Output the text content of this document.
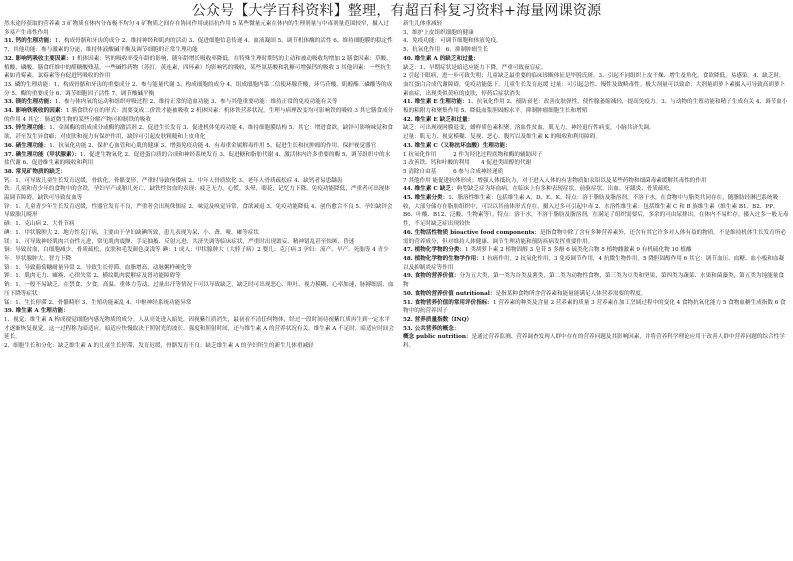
公众号【大学百科资料】整理，有超百科复习资料+海量网课资源

然未途径获取的营养素 3 矿物质在体内分布极不均匀 4 矿物质之间存在协同作用或拮抗作用 5 某些微量元素在体内的生理剂量与中毒剂量范围较窄，摄入过多易产生毒性作用

31. 钙的生理功能：1、构成骨骼和牙齿的成分 2、维持神经和肌肉的活动 3、促进细胞信息传递 4、血液凝固 5、调节机体酶的活性 6、维持细胞膜的稳定性 7、其他功能：参与激素的分泌，维持体液酸碱平衡及调节细胞的正常生理功能

32. 影响钙吸收主要因素：1 机体因素：钙的吸收率受年龄的影响，随年龄增长吸收率降低，在特殊生理时期钙的主动和被动吸收均增加 2 膳食因素：草酸、植酸、磷酸、膳食纤维中的醛糖酸残基，一些碱性药物（苏打，黄连素，四环素）均影响钙的吸收，某些氨基酸和乳糖可增强钙的吸收 3 其他因素：一些抗生素如青霉素、氯霉素等有促进钙吸收的作用

33. 磷的生理功能：1、构成骨骼和牙齿的重要成分 2、参与能量代谢 3、构成细胞的成分 4、组成细胞内第二信使环腺苷酸，环鸟苷酸，肌醇酯三磷酸等的成分 5、酶的重要成分 6、调节细胞因子活性 7、调节酸碱平衡

33. 镁的生理功能：1、参与体内氧的运动和组织呼吸过程 2、维持正常的造血功能 3、参与其他重要功能：维持正常的免疫功能有关等

34. 影响铁吸收的因素：1 膳食铁存在的形式：需要变成二价铁才能被吸收 2 机体因素：机体铁营养状况，生理与病理改变均可影响铁的吸收 3 其它膳食成分的作用 4 其它：肠道微生物的某些分解产物可抑制铁的吸收

35. 锌生理功能：1、金属酶的组成成分或酶的激活剂 2、促进生长发育 3、促进机体免疫功能 4、维持细胞膜结构 5、其它：增进食欲，缺锌可影响味觉和食欲，甚至发生异食癖；对皮肤和视力有保护作用，缺锌可引起皮肤粗糙和上皮角化

36. 硒生理功能：1、抗氧化功能 2、保护心血管和心肌的健康 3、增强免疫功能 4、有毒重金属解毒作用 5、促进生长和抗肿瘤的作用，保护视觉器官

37. 碘生理功能（甲状腺素）：1、促进生物氧化 2、促进蛋白质的合成和神经系统发育 3、促进糖和脂肪代谢 4、激活体内许多重要的酶 5、调节组织中的水盐代谢 6、促进维生素的吸收和利用

38. 常见矿物质的缺乏：

钙：1、可导致儿童生长发育迟缓，骨软化，骨骼变形，严重时导致佝偻病 2、中年人骨质软化 3、老年人骨质疏松症 4、缺钙者易患龋齿

铁：儿童和青少年的食物中的含铁，孕妇早产或胎儿死亡，缺铁性贫血的表现：疲乏无力，心慌，头晕，眼花，记忆力下降，免疫功能降低，严重者可出现体温调节障碍，缺铁可导致贫血等

锌：1、儿童青少年生长发育迟缓，性器官发育不良，严重者会出现侏儒症 2、味觉及嗅觉异常，食欲减退 3、免疫功能降低 4、创伤愈合不良 5、孕妇缺锌会导致胎儿畸形

硒：1、克山病 2、大骨节病

碘：1、甲状腺肿大 2、地方性克汀病，主要由于孕妇缺碘所致，患儿表现为呆、小、聋、哑、瘫等症状

镁：1、可导致神经肌肉兴奋性亢进，常见肌肉震颤、手足抽搐、反射亢进、共济失调等临床症状，严重时出现谵妄、精神错乱甚至惊厥、昏迷

铜：导致贫血，白细胞减少，骨质疏松，皮肤和毛发颜色变浅等 碘：1 成人：甲状腺肿大（大脖子病）2 婴儿：克汀病 3 孕妇：流产、早产、死胎等 4 青少年：甲状腺肿大，智力下降

铬：1、导致葡萄糖耐量异常 2、导致生长停滞，血脂增高，动脉粥样硬化等

钾：1、肌肉无力、瘫痪、心律失常 2、横纹肌肉裂解症及肾功能障碍等

钠：1、一般不易缺乏，在禁食、少食，高温、重体力劳动、过量出汗等情况下可以导致缺乏，缺乏时可出现恶心、呕吐、视力模糊、心率加速、脉搏细弱、血压下降等症状

锰：1、生长停滞 2、骨骼畸形 3、生殖功能紊乱 4、中枢神经系统功能异常

39. 维生素 A 生理功能：

1、视觉：维生素 A 构成视觉细胞内感光物质的成分。人从亮处进入暗处，因视紫红质消失，最初看不清任何物体，经过一段时间待视紫红质再生到一定水平才逐渐恢复视觉，这一过程称为暗适应。暗适应快慢取决于照射光的波长、强度和照射时间，还与维生素 A 的营养状况有关。维生素 A 不足时，暗适应时间会延长。

2、细胞生长和分化：缺乏维生素 A 的儿童生长停滞，发育迟缓，骨骼发育不良；缺乏维生素 A 的孕妇所生的新生儿体重减轻

新生儿体重减轻

3、维护上皮组织细胞的健康

4、免疫功能：可调节细胞和体液免疫。

5、抗氧化作用　6、抑制肿瘤生长

40. 维生素 A 的缺乏和过量：

缺乏：1、早期症状是暗适应能力下降，严重可致夜盲症。

2 引起干眼病，进一步可致失明；儿童缺乏最重要的临床诊断体征是毕脱氏斑。3、引起不同组织上皮干燥、增生及角化，食欲降低，易感染。4、缺乏时，血红蛋白合成代谢障碍，免疫功能低下，儿童生长发育迟缓 过量：可引起急性、慢性及致畸毒性。极大剂量可以致命；大剂量胡萝卜素摄入可导致高胡萝卜素血症，出现类似黄疸的皮肤，停药后症状消失

41. 维生素 E 生理功能：1、抗氧化作用 2、预防衰老：改善皮肤弹性，使性腺萎缩减轻，提高免疫力。3、与动物的生殖功能和精子生成有关 4、调节血小板的粘附力和聚集作用 5、降低血浆胆固醇水平，抑制肿瘤细胞生长和增殖

42. 维生素 E 缺乏和过量：

缺乏：可出现视网膜退变，蜡样质色素积聚，溶血性贫血，肌无力，神经退行性病变，小脑共济失调。

过量：肌无力、视觉模糊、复视、恶心、腹泻以及维生素 K 的吸收和利用障碍。

43. 维生素 C（又称抗坏血酸）生理功能：

1 抗氧化作用　　　2 作为羟化过程底物和酶的辅助因子

3 改善铁、钙和叶酸的利用　　4 促进类固醇的代谢

5 清除自由基　　　6 参与合成神经递质

7 其他作用 能促进抗体形成；增强人体抵抗力，对于进入人体的有害物质如汞铅以及某些药物和细菌毒素缓解其毒性的作用

44. 维生素 C 缺乏：典型缺乏症为坏血病，在临床上有多种表现症状，前驱症状、出血、牙龈炎、骨质疏松。

45. 维生素分类：1、脂溶性维生素：包括维生素 A、D、E、K。特点：溶于脂肪及脂溶剂，不溶于水，在食物中与脂类共同存在，随脂肪经淋巴系统吸收，大部分储存在脂肪组织中，可以以其前体形式存在，摄入过多可引起中毒 2、水溶性维生素：包括维生素 C 和 B 族维生素（维生素 B1、B2、PP、B6、叶酸、B12、泛酸、生物素等）。特点：溶于水，不溶于脂肪及脂溶剂，在满足了组织需要后，多余的可由尿排出，在体内不易贮存，摄入过多一般无毒性，不足时缺乏症出现较快

46. 生物活性物质 bioactive food components：是指食物中除了含有多种营养素外，还含有其它许多对人体有益的物质。不是维持机体生长发育所必需的营养成分，但对维持人体健康、调节生理功能和预防疾病发挥重要作用。

47. 植物化学物的分类：1 类胡萝卜素 2 植物固醇 3 皂苷 5 多酚 6 硫类化合物 8 植物雌激素 9 有机硫化物 10 植酸

48. 植物化学物的生物学作用：1 抗癌作用，2 抗氧化作用，3 免疫调节作用，4 抗微生物作用，5 降胆固醇作用 6 其它：调节血压、血糖、血小板和血凝以及抑制炎症等作用

49. 食物的营养价值：分为五大类，第一类为谷类及薯类，第二类为动物性食物，第三类为豆类和坚果，第四类为蔬菜、水果和菌藻类，第五类为纯能量食物

50. 食物的营养价值 nutritional：是指某种食物所含营养素和能量能满足人体营养需要的程度。

51. 食物营养价值的常用评价指标：1 营养素的种类及含量 2 营养素的质量 3 营养素在加工烹调过程中的变化 4 食物抗氧化能力 5 食物血糖生成指数 6 食物中的抗营养因子

52. 营养质量指数（INQ）

53. 公共营养的概念：

概念 public nutrition：是通过营养监测、营养调查发现人群中存在的营养问题及其影响因素，并将营养科学理论应用于改善人群中营养问题的综合性学科。
